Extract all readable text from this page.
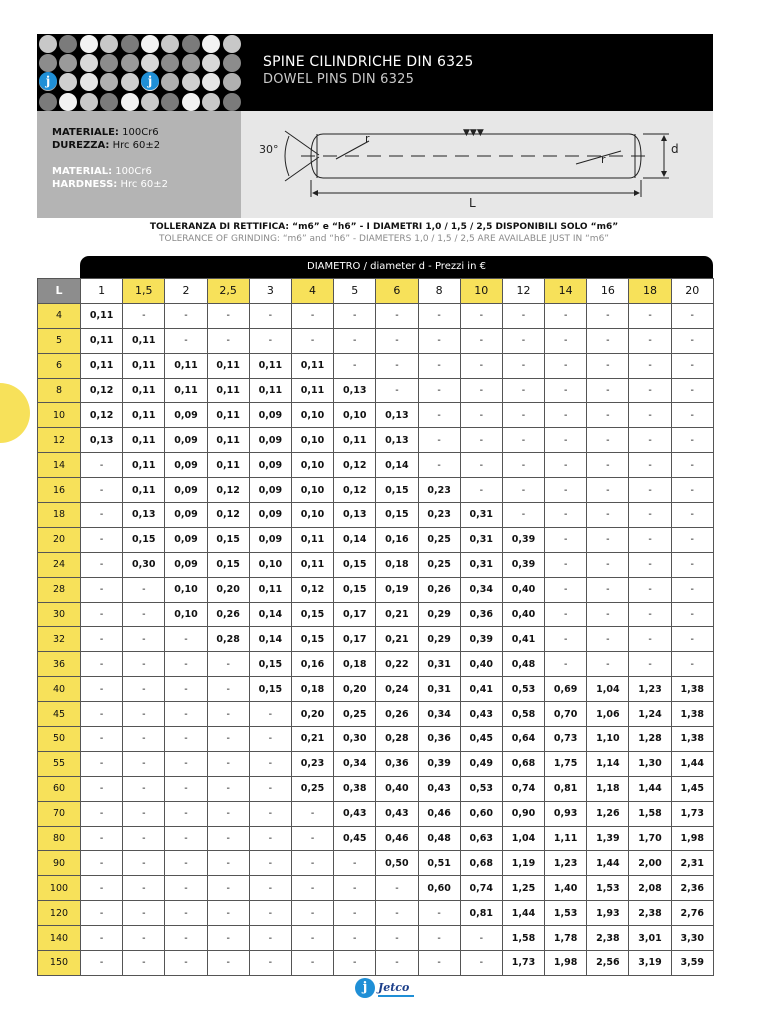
j	j
SPINE CILINDRICHE DIN 6325
DOWEL PINS DIN 6325
MATERIALE: 100Cr6
DUREZZA: Hrc 60±2
MATERIAL: 100Cr6
HARDNESS: Hrc 60±2
30°
r
r
d
L
▼▼▼
TOLLERANZA DI RETTIFICA: “m6” e “h6” - I DIAMETRI 1,0 / 1,5 / 2,5 DISPONIBILI SOLO “m6”
TOLERANCE OF GRINDING: “m6” and “h6” - DIAMETERS 1,0 / 1,5 / 2,5 ARE AVAILABLE JUST IN “m6”
DIAMETRO / diameter d - Prezzi in €
L	1	1,5	2	2,5	3	4	5	6	8	10	12	14	16	18	20
4	0,11	-	-	-	-	-	-	-	-	-	-	-	-	-	-
5	0,11	0,11	-	-	-	-	-	-	-	-	-	-	-	-	-
6	0,11	0,11	0,11	0,11	0,11	0,11	-	-	-	-	-	-	-	-	-
8	0,12	0,11	0,11	0,11	0,11	0,11	0,13	-	-	-	-	-	-	-	-
10	0,12	0,11	0,09	0,11	0,09	0,10	0,10	0,13	-	-	-	-	-	-	-
12	0,13	0,11	0,09	0,11	0,09	0,10	0,11	0,13	-	-	-	-	-	-	-
14	-	0,11	0,09	0,11	0,09	0,10	0,12	0,14	-	-	-	-	-	-	-
16	-	0,11	0,09	0,12	0,09	0,10	0,12	0,15	0,23	-	-	-	-	-	-
18	-	0,13	0,09	0,12	0,09	0,10	0,13	0,15	0,23	0,31	-	-	-	-	-
20	-	0,15	0,09	0,15	0,09	0,11	0,14	0,16	0,25	0,31	0,39	-	-	-	-
24	-	0,30	0,09	0,15	0,10	0,11	0,15	0,18	0,25	0,31	0,39	-	-	-	-
28	-	-	0,10	0,20	0,11	0,12	0,15	0,19	0,26	0,34	0,40	-	-	-	-
30	-	-	0,10	0,26	0,14	0,15	0,17	0,21	0,29	0,36	0,40	-	-	-	-
32	-	-	-	0,28	0,14	0,15	0,17	0,21	0,29	0,39	0,41	-	-	-	-
36	-	-	-	-	0,15	0,16	0,18	0,22	0,31	0,40	0,48	-	-	-	-
40	-	-	-	-	0,15	0,18	0,20	0,24	0,31	0,41	0,53	0,69	1,04	1,23	1,38
45	-	-	-	-	-	0,20	0,25	0,26	0,34	0,43	0,58	0,70	1,06	1,24	1,38
50	-	-	-	-	-	0,21	0,30	0,28	0,36	0,45	0,64	0,73	1,10	1,28	1,38
55	-	-	-	-	-	0,23	0,34	0,36	0,39	0,49	0,68	1,75	1,14	1,30	1,44
60	-	-	-	-	-	0,25	0,38	0,40	0,43	0,53	0,74	0,81	1,18	1,44	1,45
70	-	-	-	-	-	-	0,43	0,43	0,46	0,60	0,90	0,93	1,26	1,58	1,73
80	-	-	-	-	-	-	0,45	0,46	0,48	0,63	1,04	1,11	1,39	1,70	1,98
90	-	-	-	-	-	-	-	0,50	0,51	0,68	1,19	1,23	1,44	2,00	2,31
100	-	-	-	-	-	-	-	-	0,60	0,74	1,25	1,40	1,53	2,08	2,36
120	-	-	-	-	-	-	-	-	-	0,81	1,44	1,53	1,93	2,38	2,76
140	-	-	-	-	-	-	-	-	-	-	1,58	1,78	2,38	3,01	3,30
150	-	-	-	-	-	-	-	-	-	-	1,73	1,98	2,56	3,19	3,59
j Jetco
